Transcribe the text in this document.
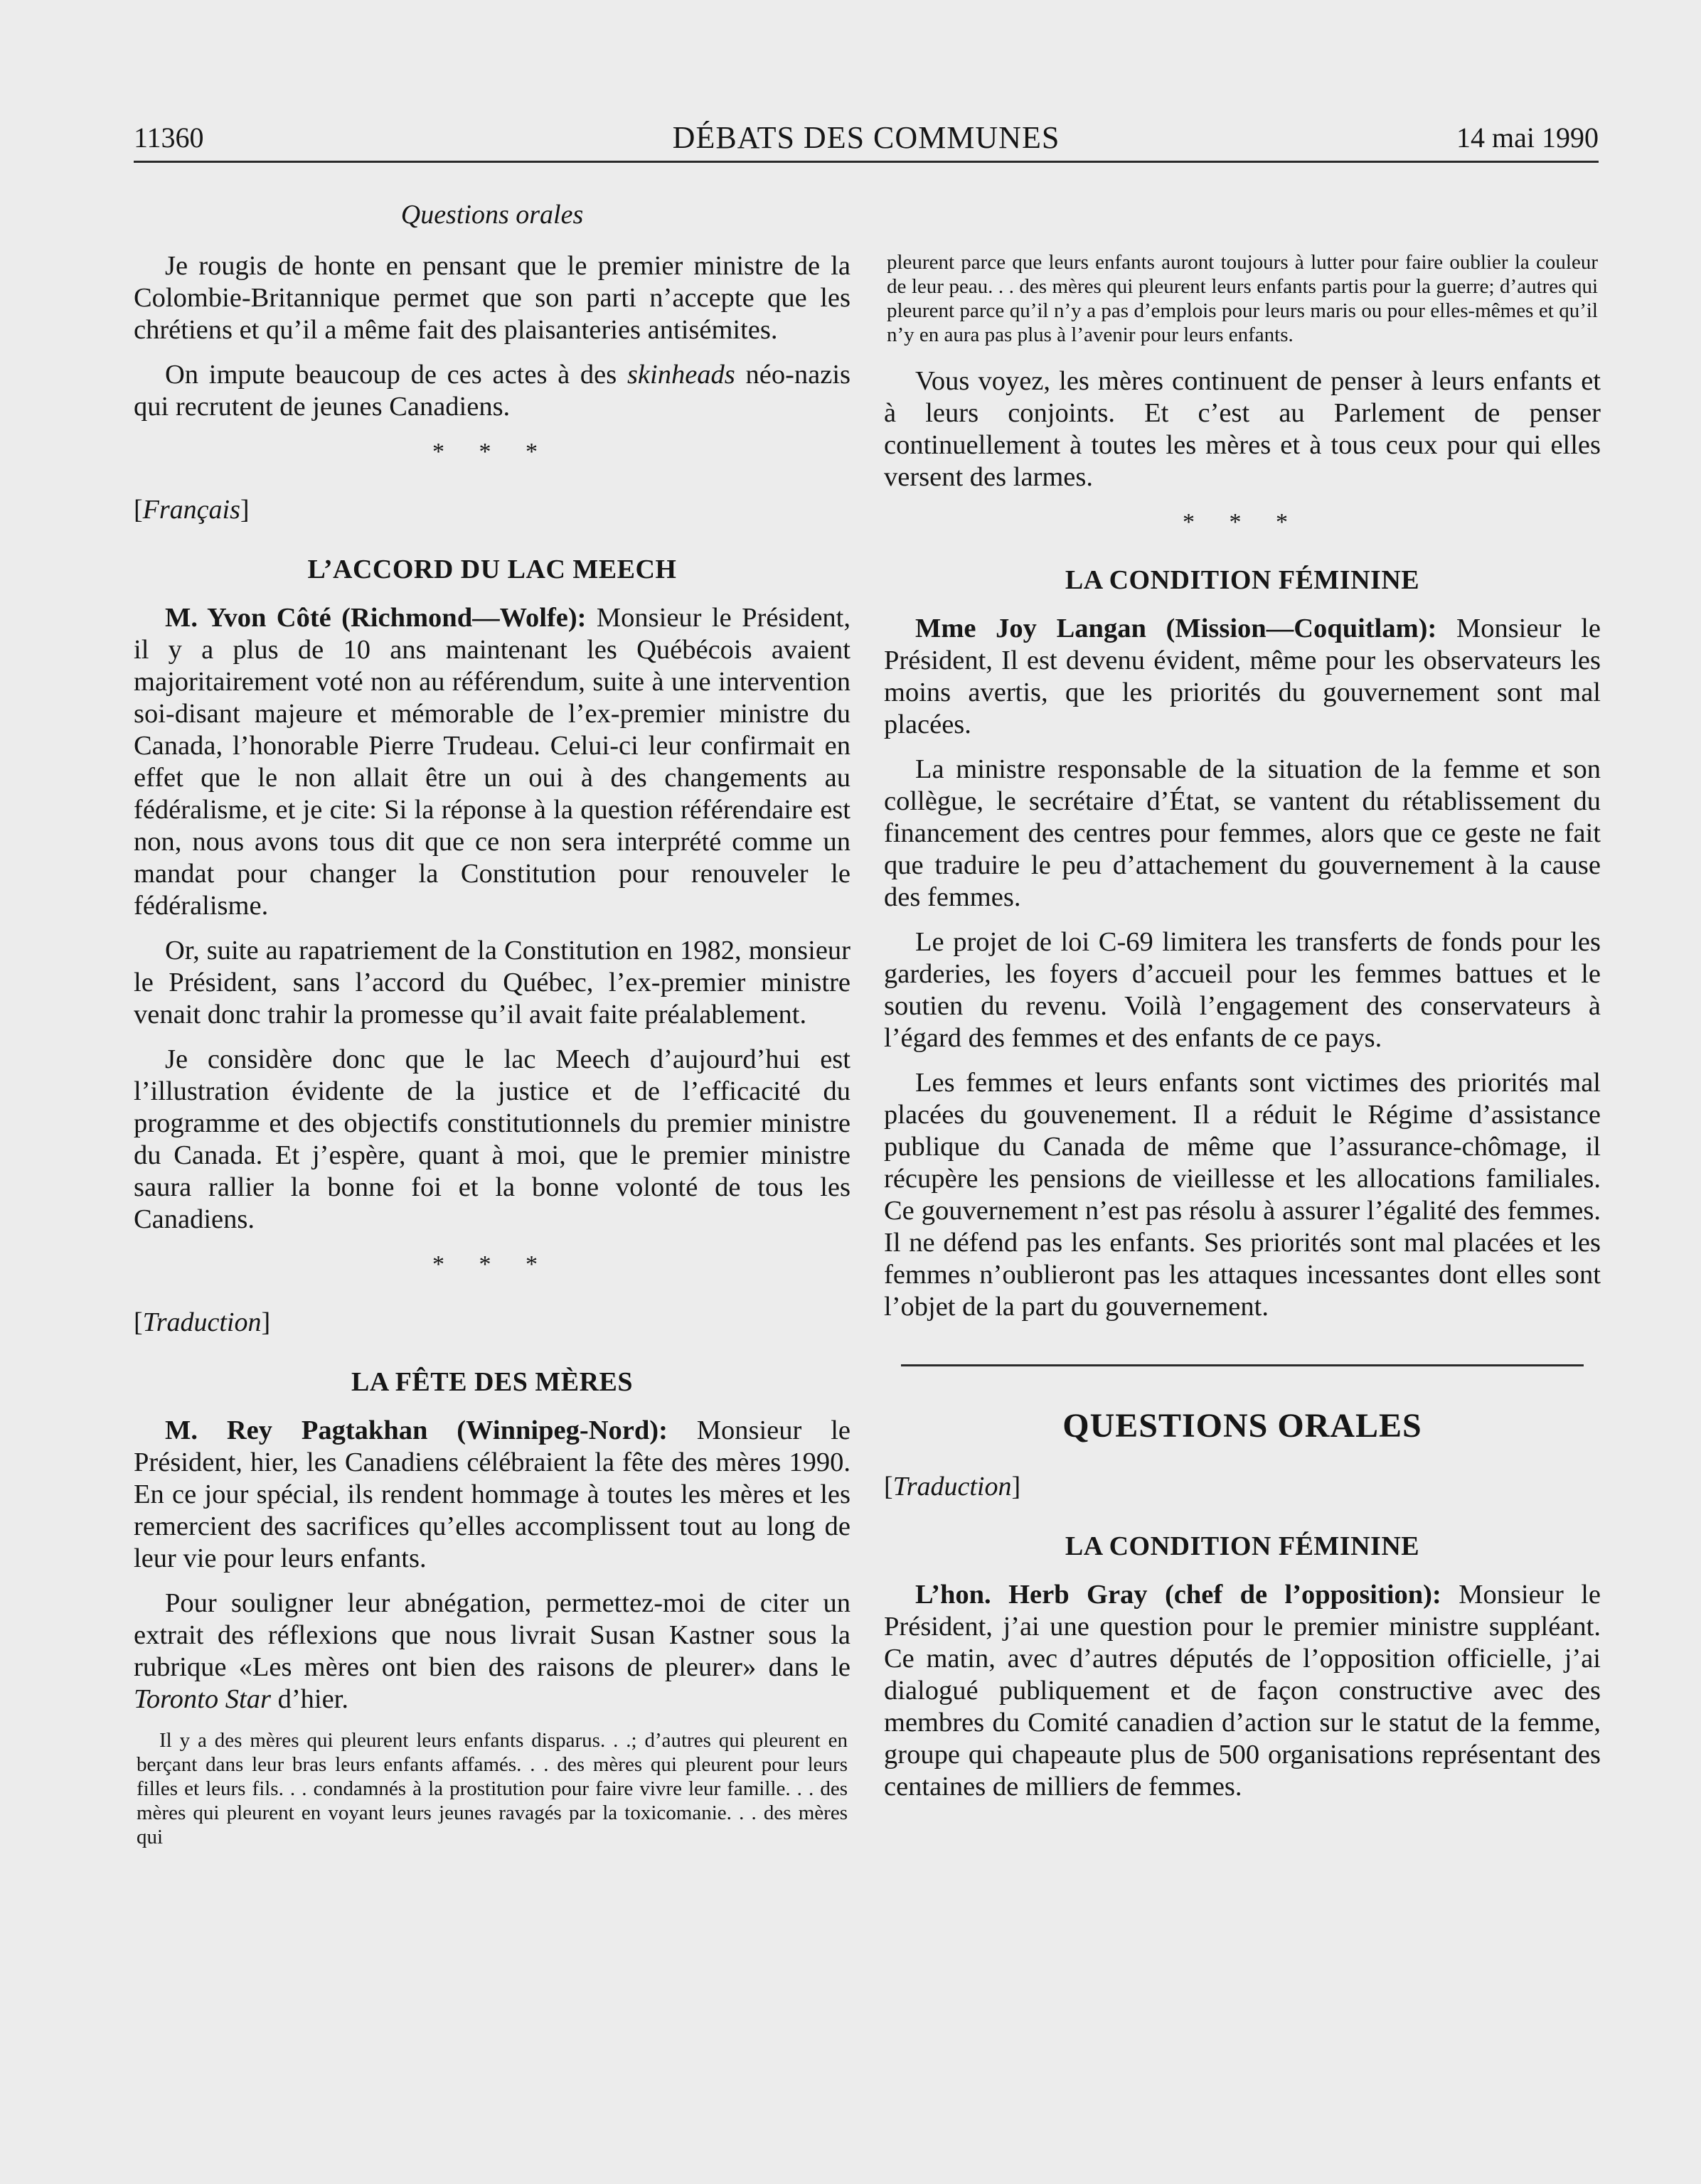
11360	DÉBATS DES COMMUNES	14 mai 1990
Questions orales

Je rougis de honte en pensant que le premier ministre de la Colombie-Britannique permet que son parti n’accepte que les chrétiens et qu’il a même fait des plaisanteries antisémites.

On impute beaucoup de ces actes à des skinheads néo-nazis qui recrutent de jeunes Canadiens.

* * *
[Français]
L’ACCORD DU LAC MEECH

M. Yvon Côté (Richmond—Wolfe): Monsieur le Président, il y a plus de 10 ans maintenant les Québécois avaient majoritairement voté non au référendum, suite à une intervention soi-disant majeure et mémorable de l’ex-premier ministre du Canada, l’honorable Pierre Trudeau. Celui-ci leur confirmait en effet que le non allait être un oui à des changements au fédéralisme, et je cite: Si la réponse à la question référendaire est non, nous avons tous dit que ce non sera interprété comme un mandat pour changer la Constitution pour renouveler le fédéralisme.

Or, suite au rapatriement de la Constitution en 1982, monsieur le Président, sans l’accord du Québec, l’ex-premier ministre venait donc trahir la promesse qu’il avait faite préalablement.

Je considère donc que le lac Meech d’aujourd’hui est l’illustration évidente de la justice et de l’efficacité du programme et des objectifs constitutionnels du premier ministre du Canada. Et j’espère, quant à moi, que le premier ministre saura rallier la bonne foi et la bonne volonté de tous les Canadiens.

* * *
[Traduction]
LA FÊTE DES MÈRES

M. Rey Pagtakhan (Winnipeg-Nord): Monsieur le Président, hier, les Canadiens célébraient la fête des mères 1990. En ce jour spécial, ils rendent hommage à toutes les mères et les remercient des sacrifices qu’elles accomplissent tout au long de leur vie pour leurs enfants.

Pour souligner leur abnégation, permettez-moi de citer un extrait des réflexions que nous livrait Susan Kastner sous la rubrique «Les mères ont bien des raisons de pleurer» dans le Toronto Star d’hier.

Il y a des mères qui pleurent leurs enfants disparus. . .; d’autres qui pleurent en berçant dans leur bras leurs enfants affamés. . . des mères qui pleurent pour leurs filles et leurs fils. . . condamnés à la prostitution pour faire vivre leur famille. . . des mères qui pleurent en voyant leurs jeunes ravagés par la toxicomanie. . . des mères qui
pleurent parce que leurs enfants auront toujours à lutter pour faire oublier la couleur de leur peau. . . des mères qui pleurent leurs enfants partis pour la guerre; d’autres qui pleurent parce qu’il n’y a pas d’emplois pour leurs maris ou pour elles-mêmes et qu’il n’y en aura pas plus à l’avenir pour leurs enfants.

Vous voyez, les mères continuent de penser à leurs enfants et à leurs conjoints. Et c’est au Parlement de penser continuellement à toutes les mères et à tous ceux pour qui elles versent des larmes.

* * *
LA CONDITION FÉMININE

Mme Joy Langan (Mission—Coquitlam): Monsieur le Président, Il est devenu évident, même pour les observateurs les moins avertis, que les priorités du gouvernement sont mal placées.

La ministre responsable de la situation de la femme et son collègue, le secrétaire d’État, se vantent du rétablissement du financement des centres pour femmes, alors que ce geste ne fait que traduire le peu d’attachement du gouvernement à la cause des femmes.

Le projet de loi C-69 limitera les transferts de fonds pour les garderies, les foyers d’accueil pour les femmes battues et le soutien du revenu. Voilà l’engagement des conservateurs à l’égard des femmes et des enfants de ce pays.

Les femmes et leurs enfants sont victimes des priorités mal placées du gouvenement. Il a réduit le Régime d’assistance publique du Canada de même que l’assurance-chômage, il récupère les pensions de vieillesse et les allocations familiales. Ce gouvernement n’est pas résolu à assurer l’égalité des femmes. Il ne défend pas les enfants. Ses priorités sont mal placées et les femmes n’oublieront pas les attaques incessantes dont elles sont l’objet de la part du gouvernement.

QUESTIONS ORALES
[Traduction]
LA CONDITION FÉMININE

L’hon. Herb Gray (chef de l’opposition): Monsieur le Président, j’ai une question pour le premier ministre suppléant. Ce matin, avec d’autres députés de l’opposition officielle, j’ai dialogué publiquement et de façon constructive avec des membres du Comité canadien d’action sur le statut de la femme, groupe qui chapeaute plus de 500 organisations représentant des centaines de milliers de femmes.
